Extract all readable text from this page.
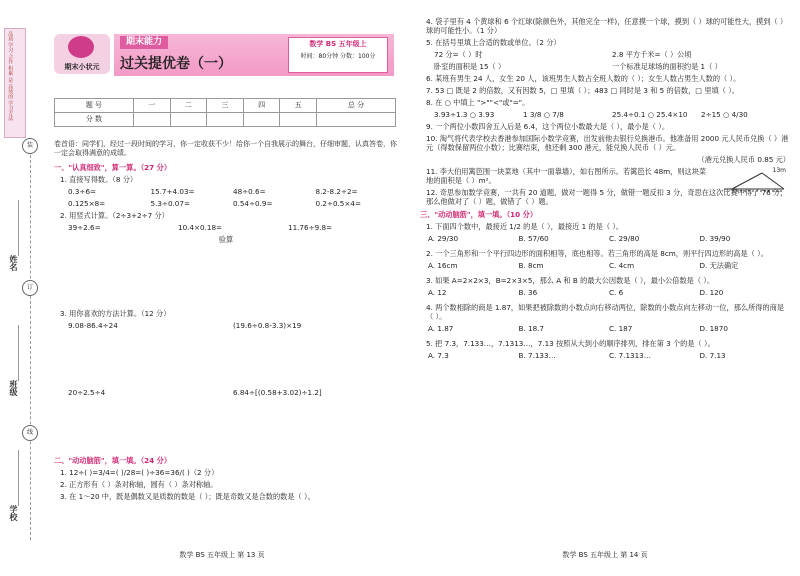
品质 学习 合作 积累 是 高效的 学习方法
装
姓名
订
班级
线
学校
期末小状元
期末能力
过关提优卷（一）
数学 BS 五年级上
时间：80分钟 分数：100分
题 号	一	二	三	四	五	总 分
分 数						
卷首语：同学们，经过一段时间的学习，你一定收获不少！给你一个自我展示的舞台，仔细审题，认真答卷，你一定会取得满意的成绩。
一、"认真细致"，算一算。（27 分）
1. 直接写得数。（8 分）
0.3÷6=	15.7+4.03=	48÷0.6=	8.2-8.2÷2=
0.125×8=	5.3÷0.07=	0.54÷0.9=	0.2÷0.5×4=
2. 用竖式计算。（2÷3+2÷7 分）
39÷2.6=	10.4×0.18=	11.76÷9.8=
验算
3. 用你喜欢的方法计算。（12 分）
9.08-86.4÷24	(19.6÷0.8-3.3)×19
20÷2.5÷4	6.84÷[(0.58+3.02)÷1.2]
二、"动动脑筋"，填一填。（24 分）
1. 12÷( )=3/4=( )/28=( )÷36=36/( )（2 分）
2. 正方形有（ ）条对称轴，圆有（ ）条对称轴。
3. 在 1～20 中，既是偶数又是质数的数是（ ）；既是奇数又是合数的数是（ ）。
数学 BS 五年级上 第 13 页
4. 袋子里有 4 个黄球和 6 个红球(除颜色外，其他完全一样)，任意摸一个球，摸到（ ）球的可能性大，摸到（ ）球的可能性小。（1 分）
5. 在括号里填上合适的数或单位。（2 分）
72 分=（ ）时	2.8 平方千米=（ ）公顷
卧室的面积是 15（ ）	一个标准足球场的面积约是 1（ ）
6. 某班有男生 24 人，女生 20 人，该班男生人数占全班人数的（ ）；女生人数占男生人数的（ ）。
7. 53 □ 既是 2 的倍数，又有因数 5，□ 里填（ ）；483 □ 同时是 3 和 5 的倍数，□ 里填（ ）。
8. 在 ○ 中填上 ">""<"或"="。
3.93÷1.3 ○ 3.93	1 3/8 ○ 7/8	25.4÷0.1 ○ 25.4×10	2÷15 ○ 4/30
9. 一个两位小数四舍五入后是 6.4，这个两位小数最大是（ ），最小是（ ）。
10. 淘气将代表学校去香港参加国际小数学竞赛，出发前他去银行兑换港币。他准备用 2000 元人民币兑换（ ）港元（得数保留两位小数）；比赛结束，他还剩 300 港元，能兑换人民币（ ）元。
（港元兑换人民币 0.85 元）
11. 李大伯用篱笆围一块菜地（其中一面靠墙），如右图所示。若篱笆长 48m，则这块菜地的面积是（ ）m²。
13m
12. 奇思参加数学竞赛，一共有 20 道题，做对一题得 5 分，做错一题反扣 3 分，奇思在这次比赛中得了 76 分，那么他做对了（ ）题，做错了（ ）题。
三、"动动脑筋"，填一填。（10 分）
1. 下面四个数中，最接近 1/2 的是（ ），最接近 1 的是（ ）。
A. 29/30	B. 57/60	C. 29/80	D. 39/90
2. 一个三角形和一个平行四边形的面积相等，底也相等。若三角形的高是 8cm，则平行四边形的高是（ ）。
A. 16cm	B. 8cm	C. 4cm	D. 无法确定
3. 如果 A=2×2×3，B=2×3×5，那么 A 和 B 的最大公因数是（ ），最小公倍数是（ ）。
A. 12	B. 36	C. 6	D. 120
4. 两个数相除的商是 1.87，如果把被除数的小数点向右移动两位，除数的小数点向左移动一位，那么所得的商是（ ）。
A. 1.87	B. 18.7	C. 187	D. 1870
5. 把 7.3，7.133…，7.1313…，7.13 按照从大到小的顺序排列，排在第 3 个的是（ ）。
A. 7.3	B. 7.133…	C. 7.1313…	D. 7.13
数学 BS 五年级上 第 14 页
